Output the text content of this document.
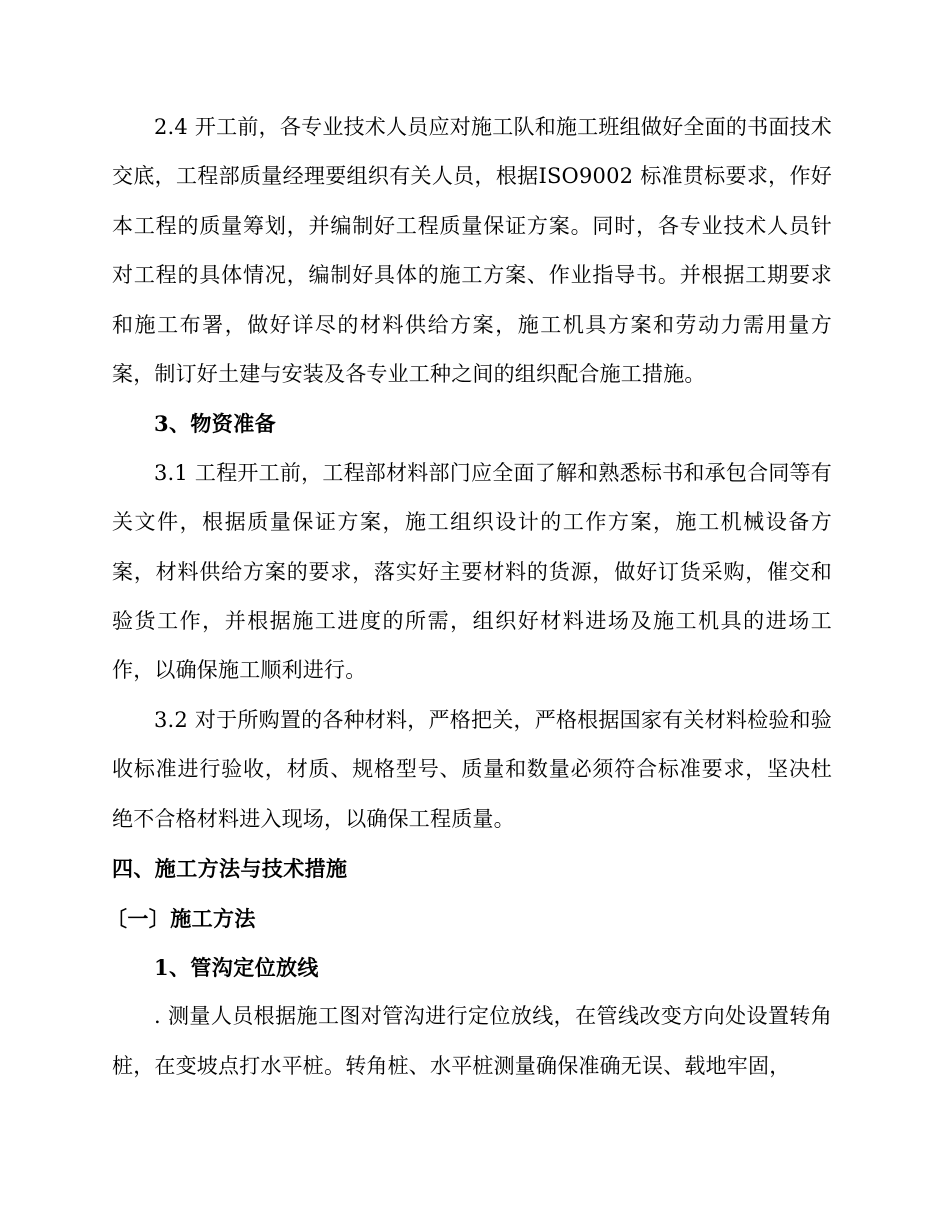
2.4 开工前，各专业技术人员应对施工队和施工班组做好全面的书面技术交底，工程部质量经理要组织有关人员，根据ISO9002 标准贯标要求，作好本工程的质量筹划，并编制好工程质量保证方案。同时，各专业技术人员针对工程的具体情况，编制好具体的施工方案、作业指导书。并根据工期要求和施工布署，做好详尽的材料供给方案，施工机具方案和劳动力需用量方案，制订好土建与安装及各专业工种之间的组织配合施工措施。

3、物资准备

3.1 工程开工前，工程部材料部门应全面了解和熟悉标书和承包合同等有关文件，根据质量保证方案，施工组织设计的工作方案，施工机械设备方案，材料供给方案的要求，落实好主要材料的货源，做好订货采购，催交和验货工作，并根据施工进度的所需，组织好材料进场及施工机具的进场工作，以确保施工顺利进行。

3.2 对于所购置的各种材料，严格把关，严格根据国家有关材料检验和验收标准进行验收，材质、规格型号、质量和数量必须符合标准要求，坚决杜绝不合格材料进入现场，以确保工程质量。

四、施工方法与技术措施

〔一〕施工方法

1、管沟定位放线

. 测量人员根据施工图对管沟进行定位放线，在管线改变方向处设置转角桩，在变坡点打水平桩。转角桩、水平桩测量确保准确无误、载地牢固，
